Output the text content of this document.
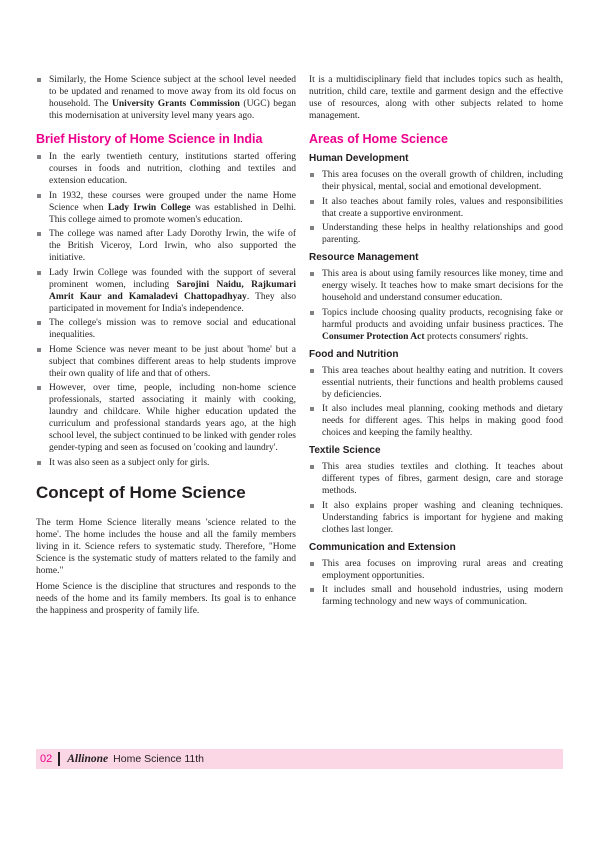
Similarly, the Home Science subject at the school level needed to be updated and renamed to move away from its old focus on household. The University Grants Commission (UGC) began this modernisation at university level many years ago.
Brief History of Home Science in India
In the early twentieth century, institutions started offering courses in foods and nutrition, clothing and textiles and extension education.
In 1932, these courses were grouped under the name Home Science when Lady Irwin College was established in Delhi. This college aimed to promote women's education.
The college was named after Lady Dorothy Irwin, the wife of the British Viceroy, Lord Irwin, who also supported the initiative.
Lady Irwin College was founded with the support of several prominent women, including Sarojini Naidu, Rajkumari Amrit Kaur and Kamaladevi Chattopadhyay. They also participated in movement for India's independence.
The college's mission was to remove social and educational inequalities.
Home Science was never meant to be just about 'home' but a subject that combines different areas to help students improve their own quality of life and that of others.
However, over time, people, including non-home science professionals, started associating it mainly with cooking, laundry and childcare. While higher education updated the curriculum and professional standards years ago, at the high school level, the subject continued to be linked with gender roles gender-typing and seen as focused on 'cooking and laundry'.
It was also seen as a subject only for girls.
Concept of Home Science

The term Home Science literally means 'science related to the home'. The home includes the house and all the family members living in it. Science refers to systematic study. Therefore, "Home Science is the systematic study of matters related to the family and home."

Home Science is the discipline that structures and responds to the needs of the home and its family members. Its goal is to enhance the happiness and prosperity of family life.

It is a multidisciplinary field that includes topics such as health, nutrition, child care, textile and garment design and the effective use of resources, along with other subjects related to home management.

Areas of Home Science
Human Development
This area focuses on the overall growth of children, including their physical, mental, social and emotional development.
It also teaches about family roles, values and responsibilities that create a supportive environment.
Understanding these helps in healthy relationships and good parenting.
Resource Management
This area is about using family resources like money, time and energy wisely. It teaches how to make smart decisions for the household and understand consumer education.
Topics include choosing quality products, recognising fake or harmful products and avoiding unfair business practices. The Consumer Protection Act protects consumers' rights.
Food and Nutrition
This area teaches about healthy eating and nutrition. It covers essential nutrients, their functions and health problems caused by deficiencies.
It also includes meal planning, cooking methods and dietary needs for different ages. This helps in making good food choices and keeping the family healthy.
Textile Science
This area studies textiles and clothing. It teaches about different types of fibres, garment design, care and storage methods.
It also explains proper washing and cleaning techniques. Understanding fabrics is important for hygiene and making clothes last longer.
Communication and Extension
This area focuses on improving rural areas and creating employment opportunities.
It includes small and household industries, using modern farming technology and new ways of communication.
02 Allinone Home Science 11th
